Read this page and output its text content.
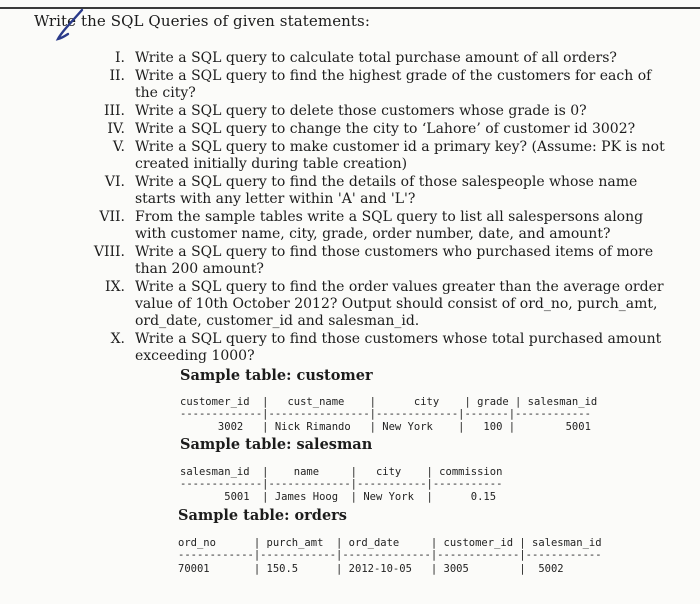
Write the SQL Queries of given statements:
I. Write a SQL query to calculate total purchase amount of all orders?
II. Write a SQL query to find the highest grade of the customers for each of the city?
III. Write a SQL query to delete those customers whose grade is 0?
IV. Write a SQL query to change the city to ‘Lahore’ of customer id 3002?
V. Write a SQL query to make customer id a primary key? (Assume: PK is not created initially during table creation)
VI. Write a SQL query to find the details of those salespeople whose name starts with any letter within 'A' and 'L'?
VII. From the sample tables write a SQL query to list all salespersons along with customer name, city, grade, order number, date, and amount?
VIII. Write a SQL query to find those customers who purchased items of more than 200 amount?
IX. Write a SQL query to find the order values greater than the average order value of 10th October 2012? Output should consist of ord_no, purch_amt, ord_date, customer_id and salesman_id.
X. Write a SQL query to find those customers whose total purchased amount exceeding 1000?
Sample table: customer
customer_id  |   cust_name    |      city    | grade | salesman_id
-------------|----------------|-------------|-------|------------
3002   | Nick Rimando   | New York    |   100 |        5001
Sample table: salesman
salesman_id  |    name     |   city    | commission
-------------|-------------|-----------|-----------
5001  | James Hoog  | New York  |      0.15
Sample table: orders
ord_no      | purch_amt  | ord_date     | customer_id | salesman_id
------------|------------|--------------|-------------|------------
70001       | 150.5      | 2012-10-05   | 3005        |  5002
